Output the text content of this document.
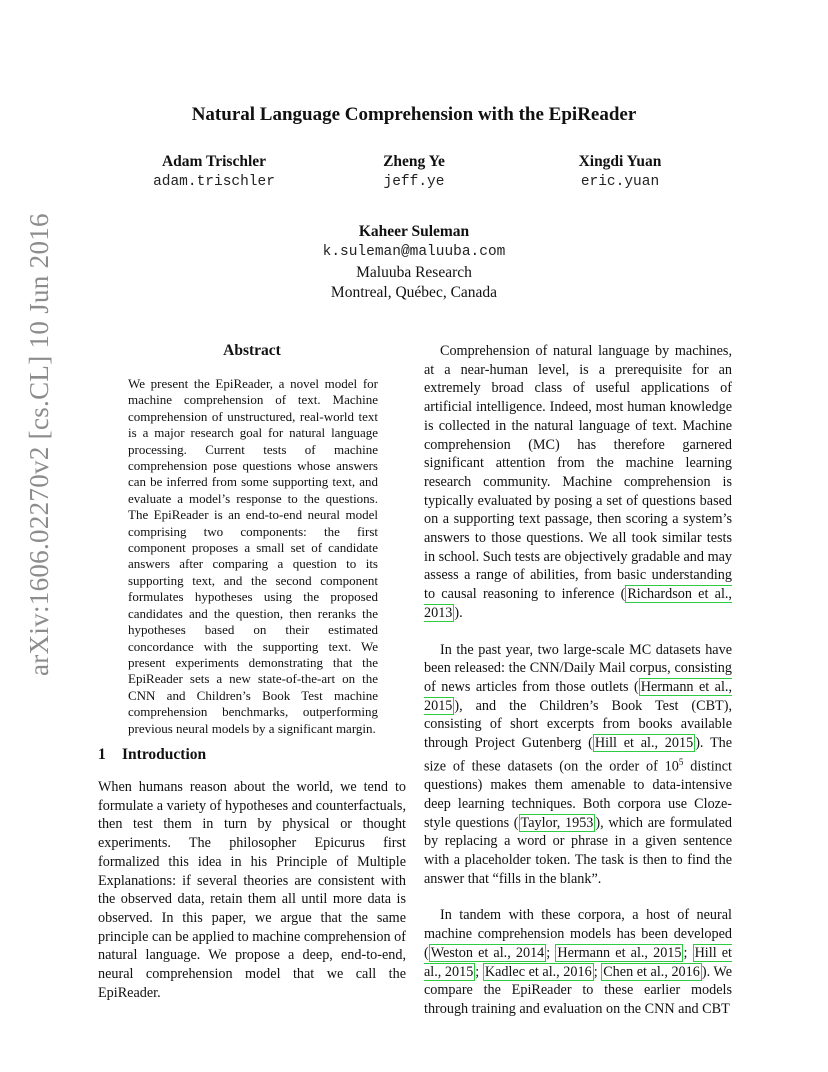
arXiv:1606.02270v2 [cs.CL] 10 Jun 2016
Natural Language Comprehension with the EpiReader
Adam Trischler
adam.trischler
Zheng Ye
jeff.ye
Xingdi Yuan
eric.yuan
Kaheer Suleman
k.suleman@maluuba.com
Maluuba Research
Montreal, Québec, Canada
Abstract
We present the EpiReader, a novel model for machine comprehension of text. Machine comprehension of unstructured, real-world text is a major research goal for natural language processing. Current tests of machine comprehension pose questions whose answers can be inferred from some supporting text, and evaluate a model’s response to the questions. The EpiReader is an end-to-end neural model comprising two components: the first component proposes a small set of candidate answers after comparing a question to its supporting text, and the second component formulates hypotheses using the proposed candidates and the question, then reranks the hypotheses based on their estimated concordance with the supporting text. We present experiments demonstrating that the EpiReader sets a new state-of-the-art on the CNN and Children’s Book Test machine comprehension benchmarks, outperforming previous neural models by a significant margin.
1 Introduction

When humans reason about the world, we tend to formulate a variety of hypotheses and counterfactuals, then test them in turn by physical or thought experiments. The philosopher Epicurus first formalized this idea in his Principle of Multiple Explanations: if several theories are consistent with the observed data, retain them all until more data is observed. In this paper, we argue that the same principle can be applied to machine comprehension of natural language. We propose a deep, end-to-end, neural comprehension model that we call the EpiReader.

Comprehension of natural language by machines, at a near-human level, is a prerequisite for an extremely broad class of useful applications of artificial intelligence. Indeed, most human knowledge is collected in the natural language of text. Machine comprehension (MC) has therefore garnered significant attention from the machine learning research community. Machine comprehension is typically evaluated by posing a set of questions based on a supporting text passage, then scoring a system’s answers to those questions. We all took similar tests in school. Such tests are objectively gradable and may assess a range of abilities, from basic understanding to causal reasoning to inference ( Richardson et al., 2013 ).

In the past year, two large-scale MC datasets have been released: the CNN/Daily Mail corpus, consisting of news articles from those outlets ( Hermann et al., 2015 ), and the Children’s Book Test (CBT), consisting of short excerpts from books available through Project Gutenberg ( Hill et al., 2015 ). The size of these datasets (on the order of $10^5$ distinct questions) makes them amenable to data-intensive deep learning techniques. Both corpora use Cloze-style questions ( Taylor, 1953 ), which are formulated by replacing a word or phrase in a given sentence with a placeholder token. The task is then to find the answer that “fills in the blank”.

In tandem with these corpora, a host of neural machine comprehension models has been developed ( Weston et al., 2014 ; Hermann et al., 2015 ; Hill et al., 2015 ; Kadlec et al., 2016 ; Chen et al., 2016 ). We compare the EpiReader to these earlier models through training and evaluation on the CNN and CBT
